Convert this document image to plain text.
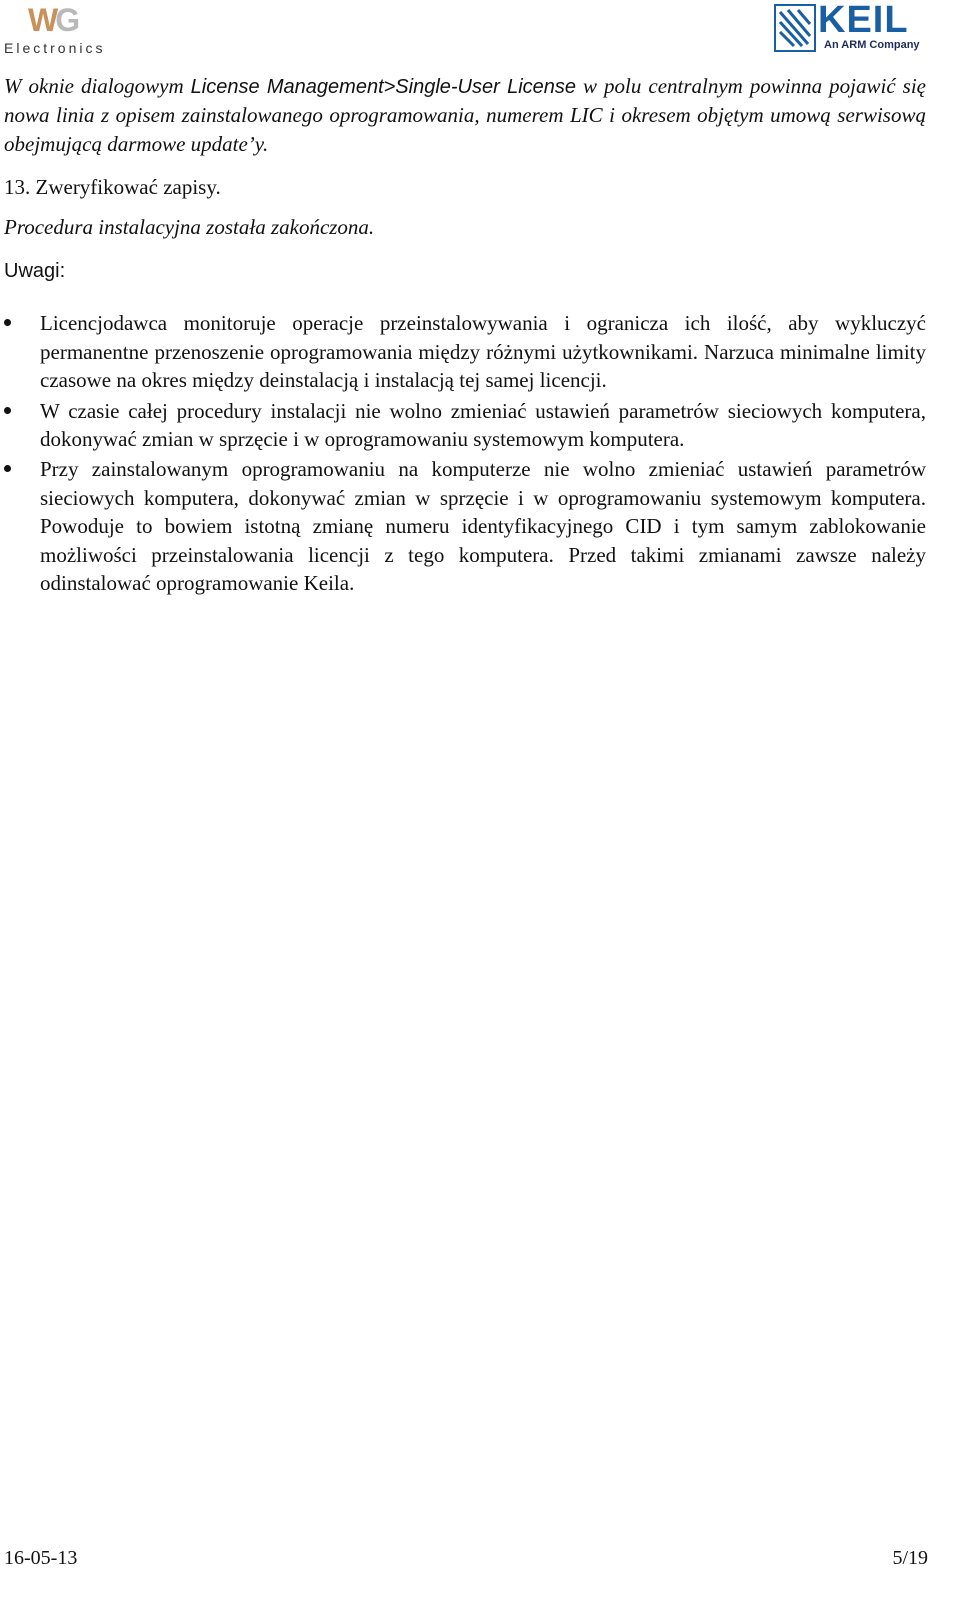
WG
Electronics
KEIL
An ARM Company

W oknie dialogowym License Management>Single-User License w polu centralnym powinna pojawić się nowa linia z opisem zainstalowanego oprogramowania, numerem LIC i okresem objętym umową serwisową obejmującą darmowe update’y.

13. Zweryfikować zapisy.

Procedura instalacyjna została zakończona.

Uwagi:

Licencjodawca monitoruje operacje przeinstalowywania i ogranicza ich ilość, aby wykluczyć permanentne przenoszenie oprogramowania między różnymi użytkownikami. Narzuca minimalne limity czasowe na okres między deinstalacją i instalacją tej samej licencji.
W czasie całej procedury instalacji nie wolno zmieniać ustawień parametrów sieciowych komputera, dokonywać zmian w sprzęcie i w oprogramowaniu systemowym komputera.
Przy zainstalowanym oprogramowaniu na komputerze nie wolno zmieniać ustawień parametrów sieciowych komputera, dokonywać zmian w sprzęcie i w oprogramowaniu systemowym komputera. Powoduje to bowiem istotną zmianę numeru identyfikacyjnego CID i tym samym zablokowanie możliwości przeinstalowania licencji z tego komputera. Przed takimi zmianami zawsze należy odinstalować oprogramowanie Keila.
16-05-13	5/19
